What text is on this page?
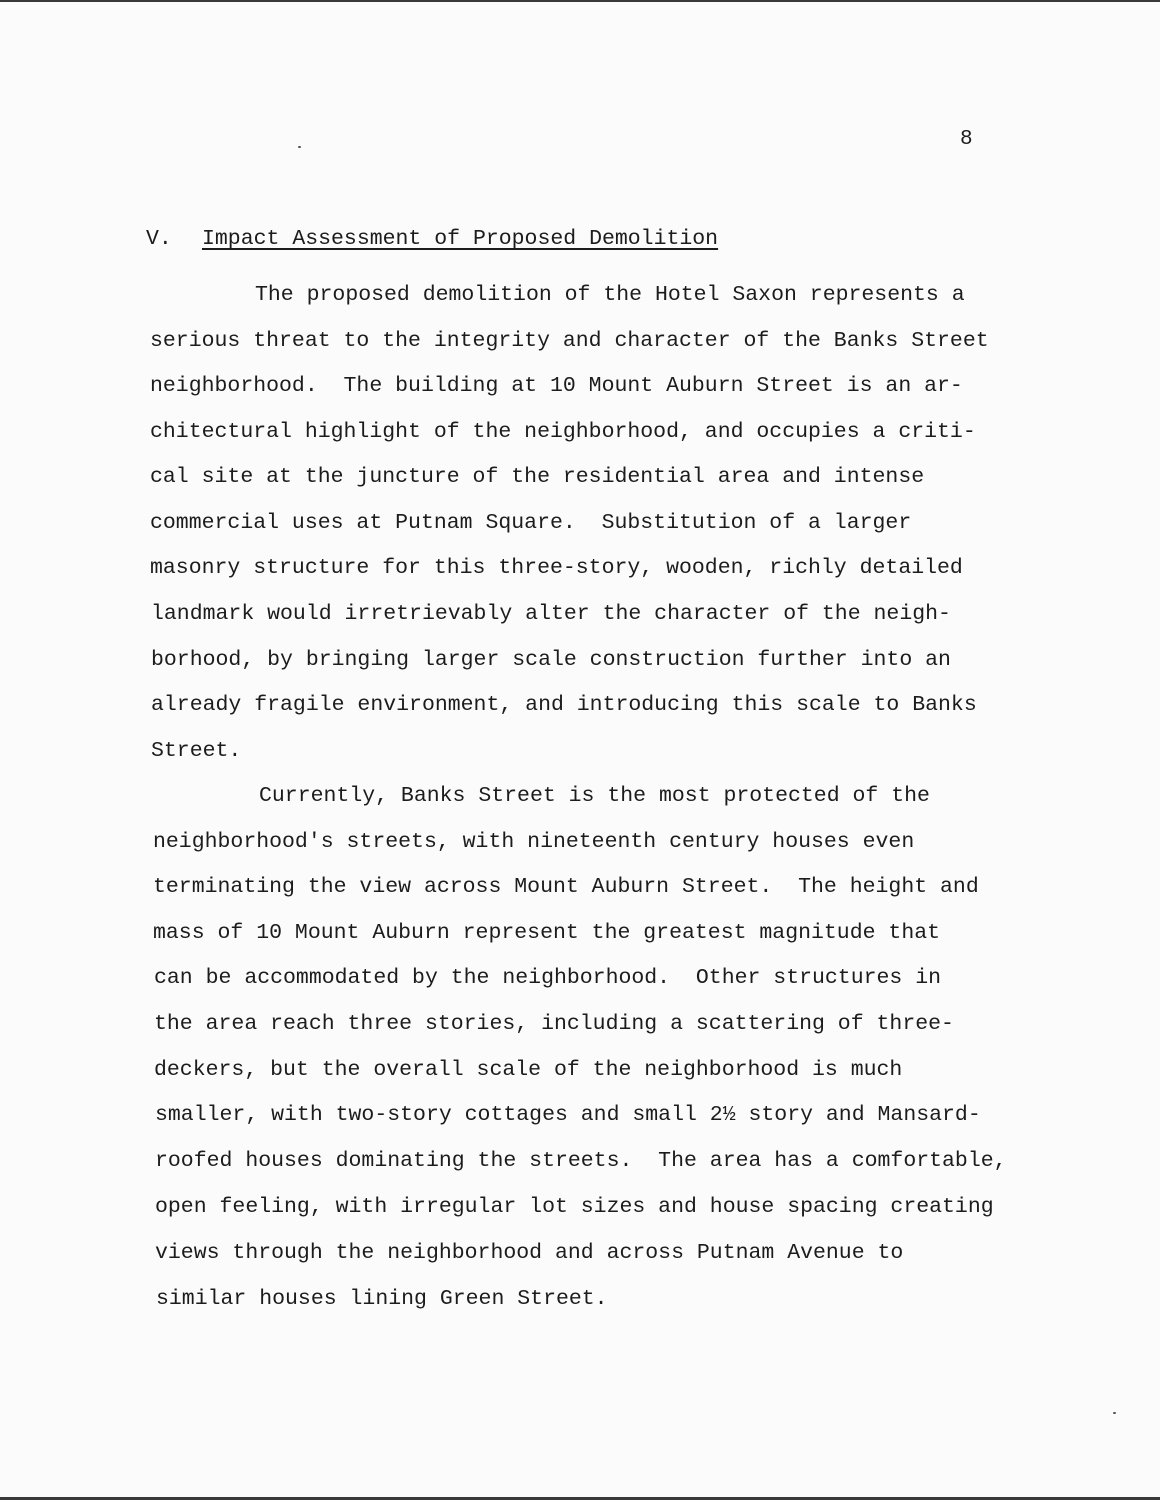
8
V. Impact Assessment of Proposed Demolition
The proposed demolition of the Hotel Saxon represents a
serious threat to the integrity and character of the Banks Street
neighborhood.  The building at 10 Mount Auburn Street is an ar-
chitectural highlight of the neighborhood, and occupies a criti-
cal site at the juncture of the residential area and intense
commercial uses at Putnam Square.  Substitution of a larger
masonry structure for this three-story, wooden, richly detailed
landmark would irretrievably alter the character of the neigh-
borhood, by bringing larger scale construction further into an
already fragile environment, and introducing this scale to Banks
Street.
Currently, Banks Street is the most protected of the
neighborhood's streets, with nineteenth century houses even
terminating the view across Mount Auburn Street.  The height and
mass of 10 Mount Auburn represent the greatest magnitude that
can be accommodated by the neighborhood.  Other structures in
the area reach three stories, including a scattering of three-
deckers, but the overall scale of the neighborhood is much
smaller, with two-story cottages and small 2½ story and Mansard-
roofed houses dominating the streets.  The area has a comfortable,
open feeling, with irregular lot sizes and house spacing creating
views through the neighborhood and across Putnam Avenue to
similar houses lining Green Street.
